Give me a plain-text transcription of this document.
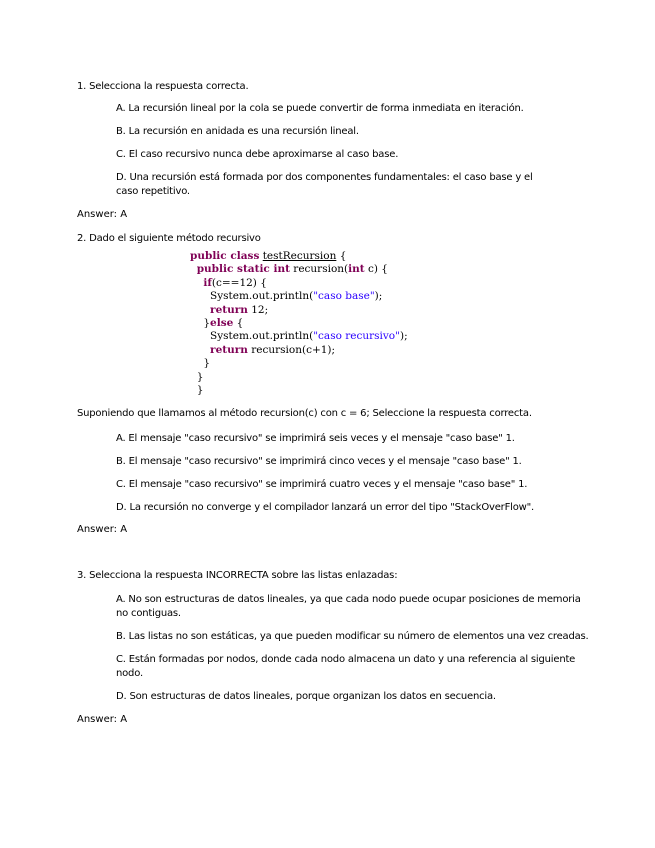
1. Selecciona la respuesta correcta.
A. La recursión lineal por la cola se puede convertir de forma inmediata en iteración.
B. La recursión en anidada es una recursión lineal.
C. El caso recursivo nunca debe aproximarse al caso base.
D. Una recursión está formada por dos componentes fundamentales: el caso base y el caso repetitivo.
Answer: A
2. Dado el siguiente método recursivo
public class testRecursion {
public static int recursion(int c) {
if(c==12) {
System.out.println("caso base");
return 12;
}else {
System.out.println("caso recursivo");
return recursion(c+1);
}
}
}
Suponiendo que llamamos al método recursion(c) con c = 6; Seleccione la respuesta correcta.
A. El mensaje "caso recursivo" se imprimirá seis veces y el mensaje "caso base" 1.
B. El mensaje "caso recursivo" se imprimirá cinco veces y el mensaje "caso base" 1.
C. El mensaje "caso recursivo" se imprimirá cuatro veces y el mensaje "caso base" 1.
D. La recursión no converge y el compilador lanzará un error del tipo "StackOverFlow".
Answer: A
3. Selecciona la respuesta INCORRECTA sobre las listas enlazadas:
A. No son estructuras de datos lineales, ya que cada nodo puede ocupar posiciones de memoria no contiguas.
B. Las listas no son estáticas, ya que pueden modificar su número de elementos una vez creadas.
C. Están formadas por nodos, donde cada nodo almacena un dato y una referencia al siguiente nodo.
D. Son estructuras de datos lineales, porque organizan los datos en secuencia.
Answer: A
